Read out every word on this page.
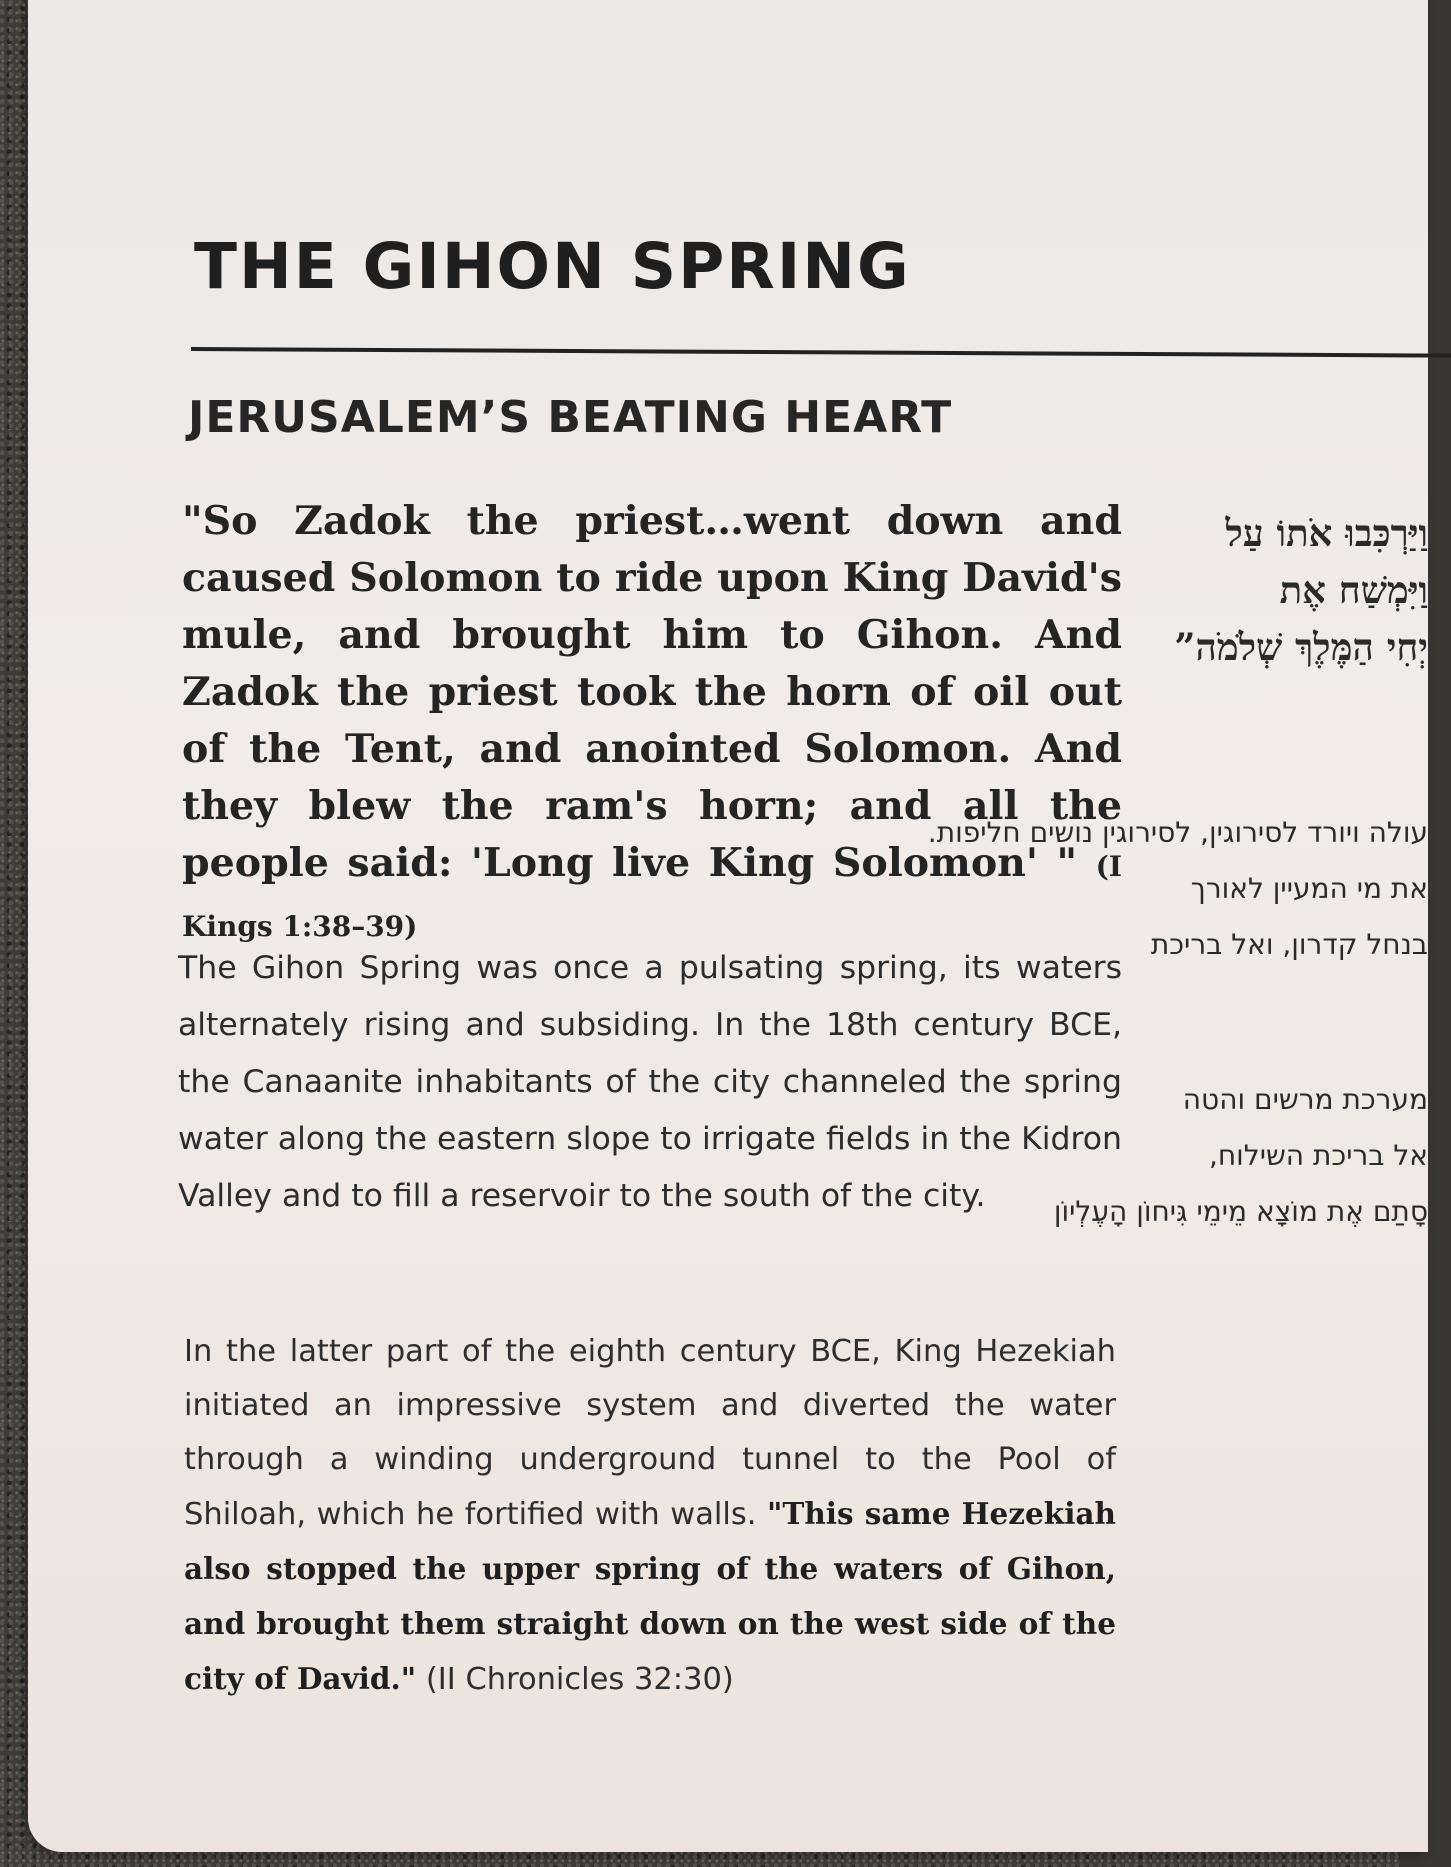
THE GIHON SPRING
JERUSALEM’S BEATING HEART

"So Zadok the priest…went down and caused Solomon to ride upon King David's mule, and brought him to Gihon. And Zadok the priest took the horn of oil out of the Tent, and anointed Solomon. And they blew the ram's horn; and all the people said: 'Long live King Solomon' " (I Kings 1:38–39)

The Gihon Spring was once a pulsating spring, its waters alternately rising and subsiding. In the 18th century BCE, the Canaanite inhabitants of the city channeled the spring water along the eastern slope to irrigate fields in the Kidron Valley and to fill a reservoir to the south of the city.

In the latter part of the eighth century BCE, King Hezekiah initiated an impressive system and diverted the water through a winding underground tunnel to the Pool of Shiloah, which he fortified with walls. "This same Hezekiah also stopped the upper spring of the waters of Gihon, and brought them straight down on the west side of the city of David." (II Chronicles 32:30)

וַיַּרְכִּבוּ אֹתוֹ עַל
וַיִּמְשַׁח אֶת
יְחִי הַמֶּלֶךְ שְׁלֹמֹה”
עולה ויורד לסירוגין, לסירוגין נושים חליפות.
את מי המעיין לאורך
בנחל קדרון, ואל בריכת
מערכת מרשים והטה
אל בריכת השילוח,
סָתַם אֶת מוֹצָא מֵימֵי גִּיחוֹן הָעֶלְיוֹן
